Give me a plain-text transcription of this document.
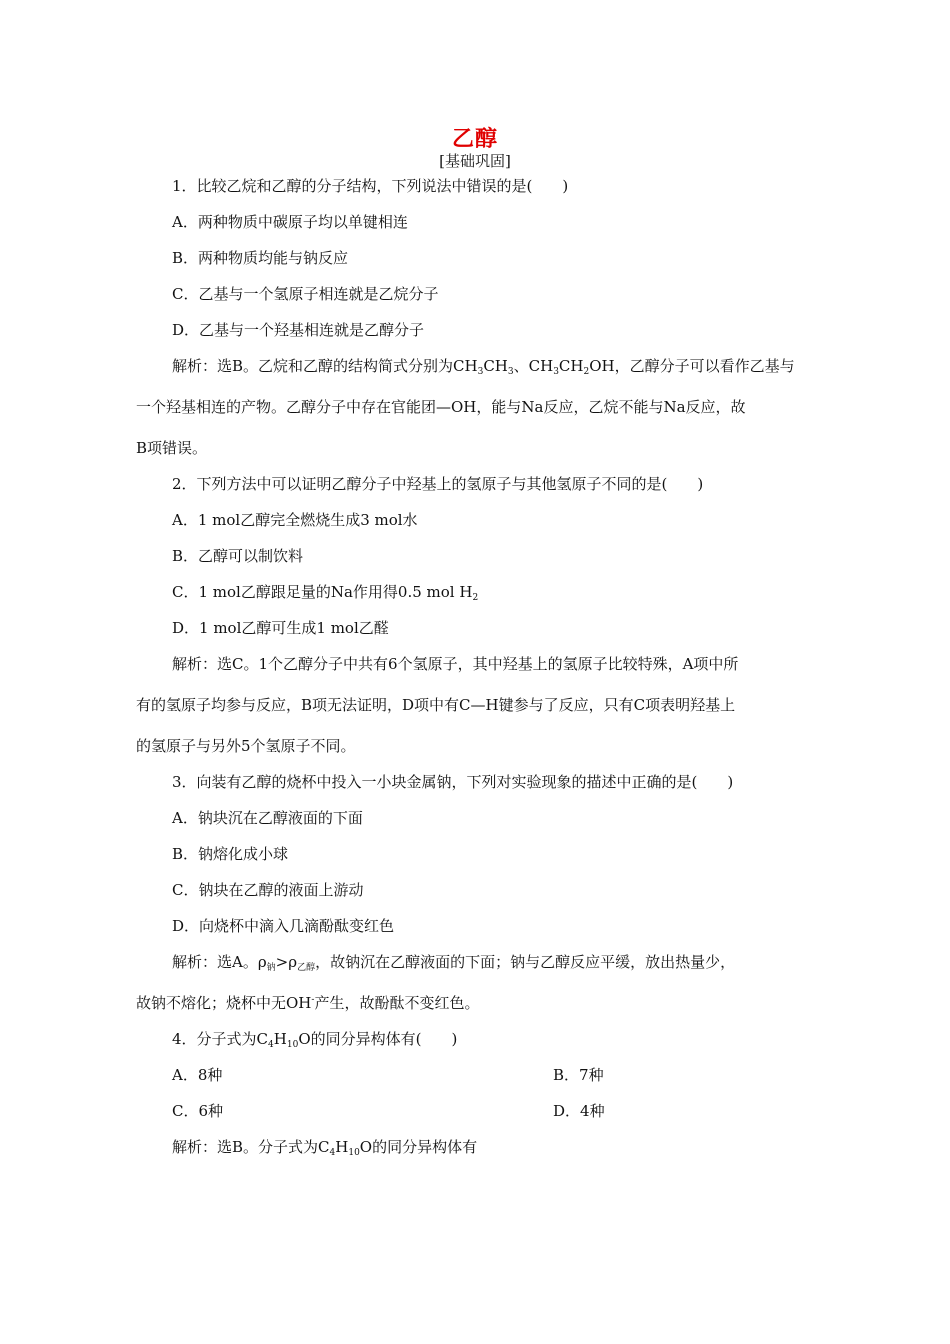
乙醇
[基础巩固]
1．比较乙烷和乙醇的分子结构，下列说法中错误的是(　　)
A．两种物质中碳原子均以单键相连
B．两种物质均能与钠反应
C．乙基与一个氢原子相连就是乙烷分子
D．乙基与一个羟基相连就是乙醇分子
解析：选B。乙烷和乙醇的结构简式分别为$CH_3CH_3$、$CH_3CH_2OH$，乙醇分子可以看作乙基与
一个羟基相连的产物。乙醇分子中存在官能团—OH，能与Na反应，乙烷不能与Na反应，故
B项错误。
2．下列方法中可以证明乙醇分子中羟基上的氢原子与其他氢原子不同的是(　　)
A．1 mol乙醇完全燃烧生成3 mol水
B．乙醇可以制饮料
C．1 mol乙醇跟足量的Na作用得0.5 mol $H_2$
D．1 mol乙醇可生成1 mol乙醛
解析：选C。1个乙醇分子中共有6个氢原子，其中羟基上的氢原子比较特殊，A项中所
有的氢原子均参与反应，B项无法证明，D项中有C—H键参与了反应，只有C项表明羟基上
的氢原子与另外5个氢原子不同。
3．向装有乙醇的烧杯中投入一小块金属钠，下列对实验现象的描述中正确的是(　　)
A．钠块沉在乙醇液面的下面
B．钠熔化成小球
C．钠块在乙醇的液面上游动
D．向烧杯中滴入几滴酚酞变红色
解析：选A。$\rho_钠>\rho_{乙醇}$，故钠沉在乙醇液面的下面；钠与乙醇反应平缓，放出热量少，
故钠不熔化；烧杯中无OH-产生，故酚酞不变红色。
4．分子式为$C_4H_{10}O$的同分异构体有(　　)
A．8种	B．7种
C．6种	D．4种
解析：选B。分子式为$C_4H_{10}O$的同分异构体有
